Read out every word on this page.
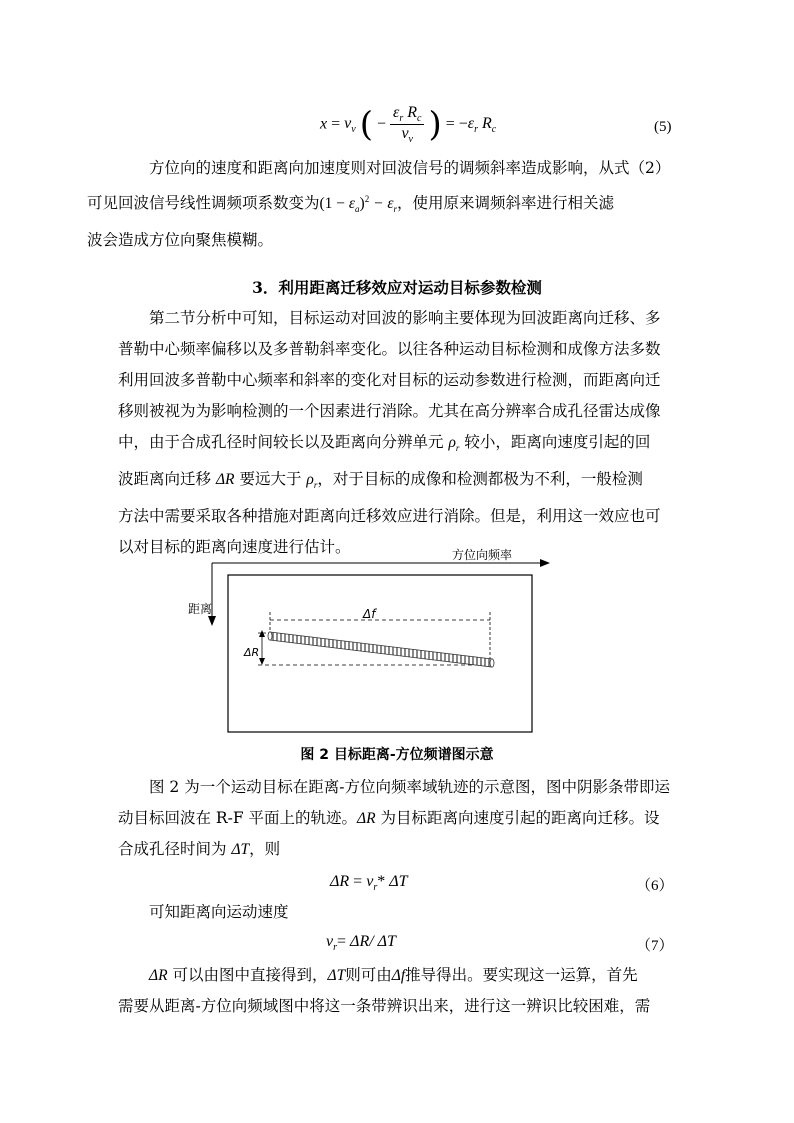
$x = v_v$ ( − $\frac{\varepsilon_r R_c}{v_v}$ ) = $-\varepsilon_r$ $R_c$	(5)
方位向的速度和距离向加速度则对回波信号的调频斜率造成影响，从式（2）
可见回波信号线性调频项系数变为$(1 - \varepsilon_a)^2 - \varepsilon_r$，使用原来调频斜率进行相关滤
波会造成方位向聚焦模糊。
3．利用距离迁移效应对运动目标参数检测
第二节分析中可知，目标运动对回波的影响主要体现为回波距离向迁移、多
普勒中心频率偏移以及多普勒斜率变化。以往各种运动目标检测和成像方法多数
利用回波多普勒中心频率和斜率的变化对目标的运动参数进行检测，而距离向迁
移则被视为为影响检测的一个因素进行消除。尤其在高分辨率合成孔径雷达成像
中，由于合成孔径时间较长以及距离向分辨单元 $\rho_r$ 较小，距离向速度引起的回
波距离向迁移 ΔR 要远大于 $\rho_r$，对于目标的成像和检测都极为不利，一般检测
方法中需要采取各种措施对距离向迁移效应进行消除。但是，利用这一效应也可
以对目标的距离向速度进行估计。	方位向频率
距离	Δf
ΔR
图 2 目标距离-方位频谱图示意
图 2 为一个运动目标在距离-方位向频率域轨迹的示意图，图中阴影条带即运
动目标回波在 R-F 平面上的轨迹。ΔR 为目标距离向速度引起的距离向迁移。设
合成孔径时间为 ΔT，则
$\Delta R = v_r*$ ΔT	（6）
可知距离向运动速度
$v_r= \Delta R/$ ΔT	（7）
ΔR 可以由图中直接得到，ΔT则可由Δf推导得出。要实现这一运算，首先
需要从距离-方位向频域图中将这一条带辨识出来，进行这一辨识比较困难，需
